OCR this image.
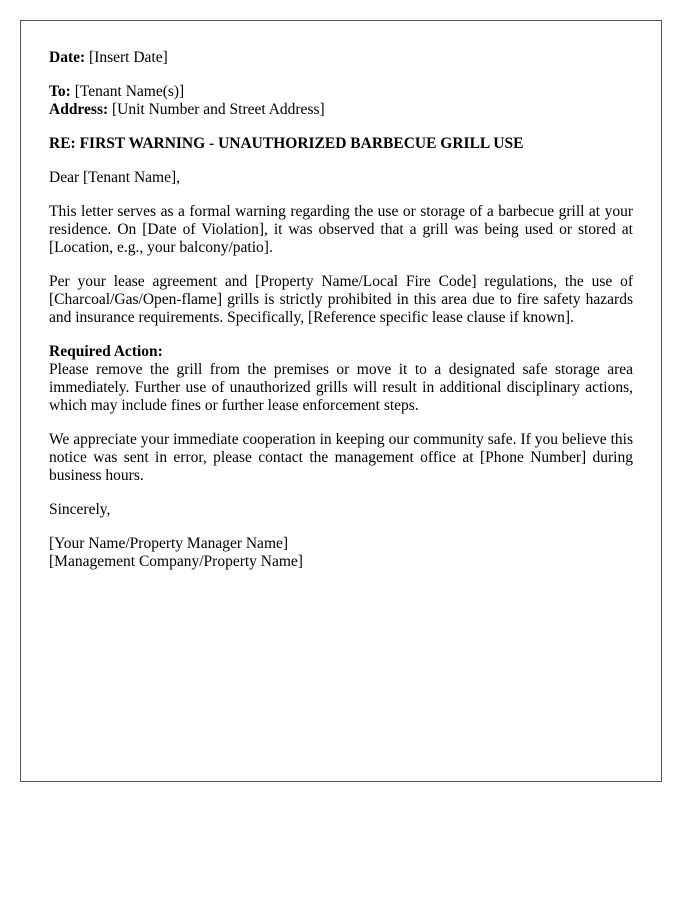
Date: [Insert Date]

To: [Tenant Name(s)]

Address: [Unit Number and Street Address]

RE: FIRST WARNING - UNAUTHORIZED BARBECUE GRILL USE

Dear [Tenant Name],

This letter serves as a formal warning regarding the use or storage of a barbecue grill at your residence. On [Date of Violation], it was observed that a grill was being used or stored at [Location, e.g., your balcony/patio].

Per your lease agreement and [Property Name/Local Fire Code] regulations, the use of [Charcoal/Gas/Open-flame] grills is strictly prohibited in this area due to fire safety hazards and insurance requirements. Specifically, [Reference specific lease clause if known].

Required Action:

Please remove the grill from the premises or move it to a designated safe storage area immediately. Further use of unauthorized grills will result in additional disciplinary actions, which may include fines or further lease enforcement steps.

We appreciate your immediate cooperation in keeping our community safe. If you believe this notice was sent in error, please contact the management office at [Phone Number] during business hours.

Sincerely,

[Your Name/Property Manager Name]

[Management Company/Property Name]
